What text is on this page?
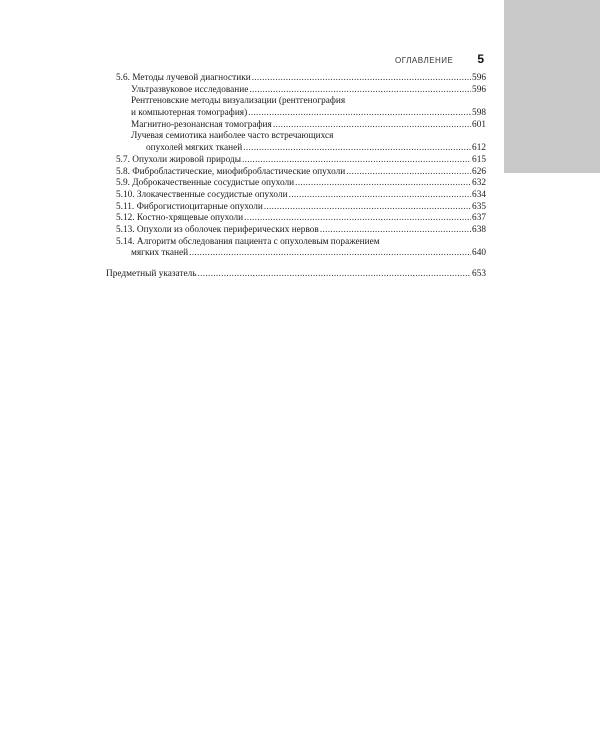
ОГЛАВЛЕНИЕ 5
5.6. Методы лучевой диагностики .....	596
Ультразвуковое исследование .....	596
Рентгеновские методы визуализации (рентгенография
и компьютерная томография) .....	598
Магнитно-резонансная томография .....	601
Лучевая семиотика наиболее часто встречающихся
опухолей мягких тканей .....	612
5.7. Опухоли жировой природы .....	615
5.8. Фибробластические, миофибробластические опухоли .....	626
5.9. Доброкачественные сосудистые опухоли .....	632
5.10. Злокачественные сосудистые опухоли .....	634
5.11. Фиброгистиоцитарные опухоли .....	635
5.12. Костно-хрящевые опухоли .....	637
5.13. Опухоли из оболочек периферических нервов .....	638
5.14. Алгоритм обследования пациента с опухолевым поражением
мягких тканей .....	640
Предметный указатель .....	653
